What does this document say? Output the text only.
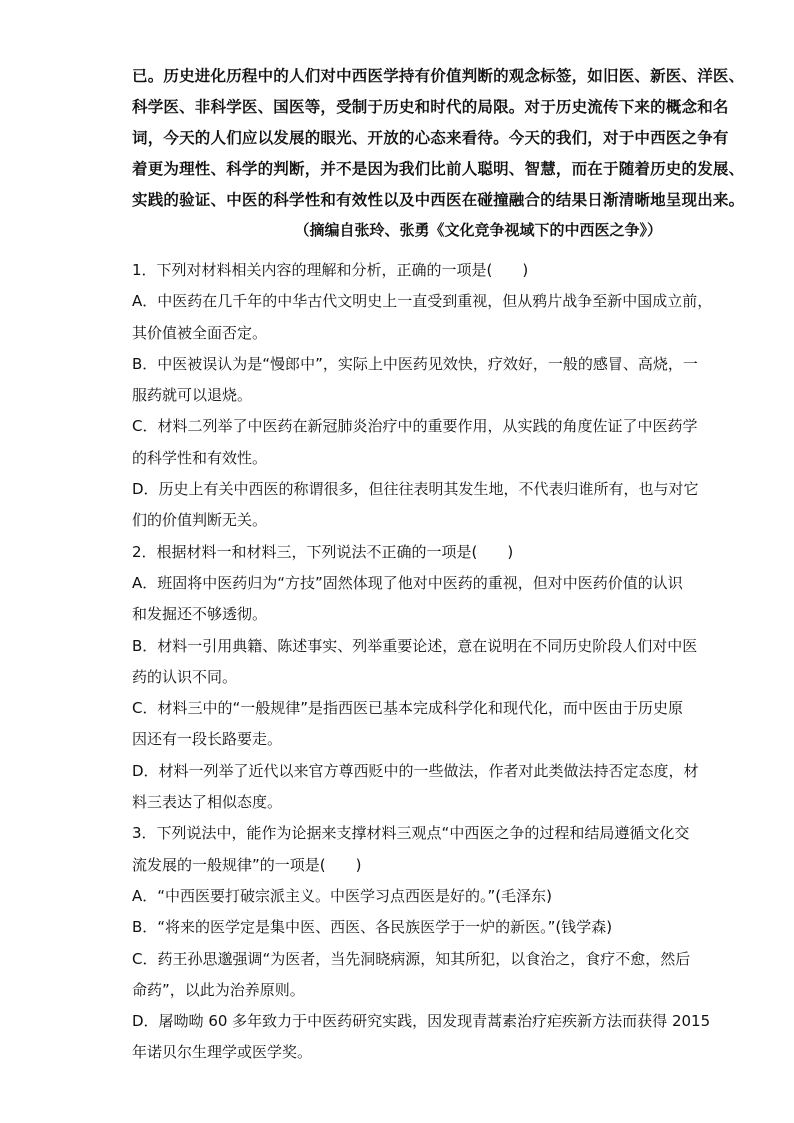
已。历史进化历程中的人们对中西医学持有价值判断的观念标签，如旧医、新医、洋医、
科学医、非科学医、国医等，受制于历史和时代的局限。对于历史流传下来的概念和名
词，今天的人们应以发展的眼光、开放的心态来看待。今天的我们，对于中西医之争有
着更为理性、科学的判断，并不是因为我们比前人聪明、智慧，而在于随着历史的发展、
实践的验证、中医的科学性和有效性以及中西医在碰撞融合的结果日渐清晰地呈现出来。
（摘编自张玲、张勇《文化竞争视域下的中西医之争》）
1．下列对材料相关内容的理解和分析，正确的一项是(　　)
A．中医药在几千年的中华古代文明史上一直受到重视，但从鸦片战争至新中国成立前，
其价值被全面否定。
B．中医被误认为是“慢郎中”，实际上中医药见效快，疗效好，一般的感冒、高烧，一
服药就可以退烧。
C．材料二列举了中医药在新冠肺炎治疗中的重要作用，从实践的角度佐证了中医药学
的科学性和有效性。
D．历史上有关中西医的称谓很多，但往往表明其发生地，不代表归谁所有，也与对它
们的价值判断无关。
2．根据材料一和材料三，下列说法不正确的一项是(　　)
A．班固将中医药归为“方技”固然体现了他对中医药的重视，但对中医药价值的认识
和发掘还不够透彻。
B．材料一引用典籍、陈述事实、列举重要论述，意在说明在不同历史阶段人们对中医
药的认识不同。
C．材料三中的“一般规律”是指西医已基本完成科学化和现代化，而中医由于历史原
因还有一段长路要走。
D．材料一列举了近代以来官方尊西贬中的一些做法，作者对此类做法持否定态度，材
料三表达了相似态度。
3．下列说法中，能作为论据来支撑材料三观点“中西医之争的过程和结局遵循文化交
流发展的一般规律”的一项是(　　)
A．“中西医要打破宗派主义。中医学习点西医是好的。”(毛泽东)
B．“将来的医学定是集中医、西医、各民族医学于一炉的新医。”(钱学森)
C．药王孙思邈强调“为医者，当先洞晓病源，知其所犯，以食治之，食疗不愈，然后
命药”，以此为治养原则。
D．屠呦呦 60 多年致力于中医药研究实践，因发现青蒿素治疗疟疾新方法而获得 2015
年诺贝尔生理学或医学奖。
